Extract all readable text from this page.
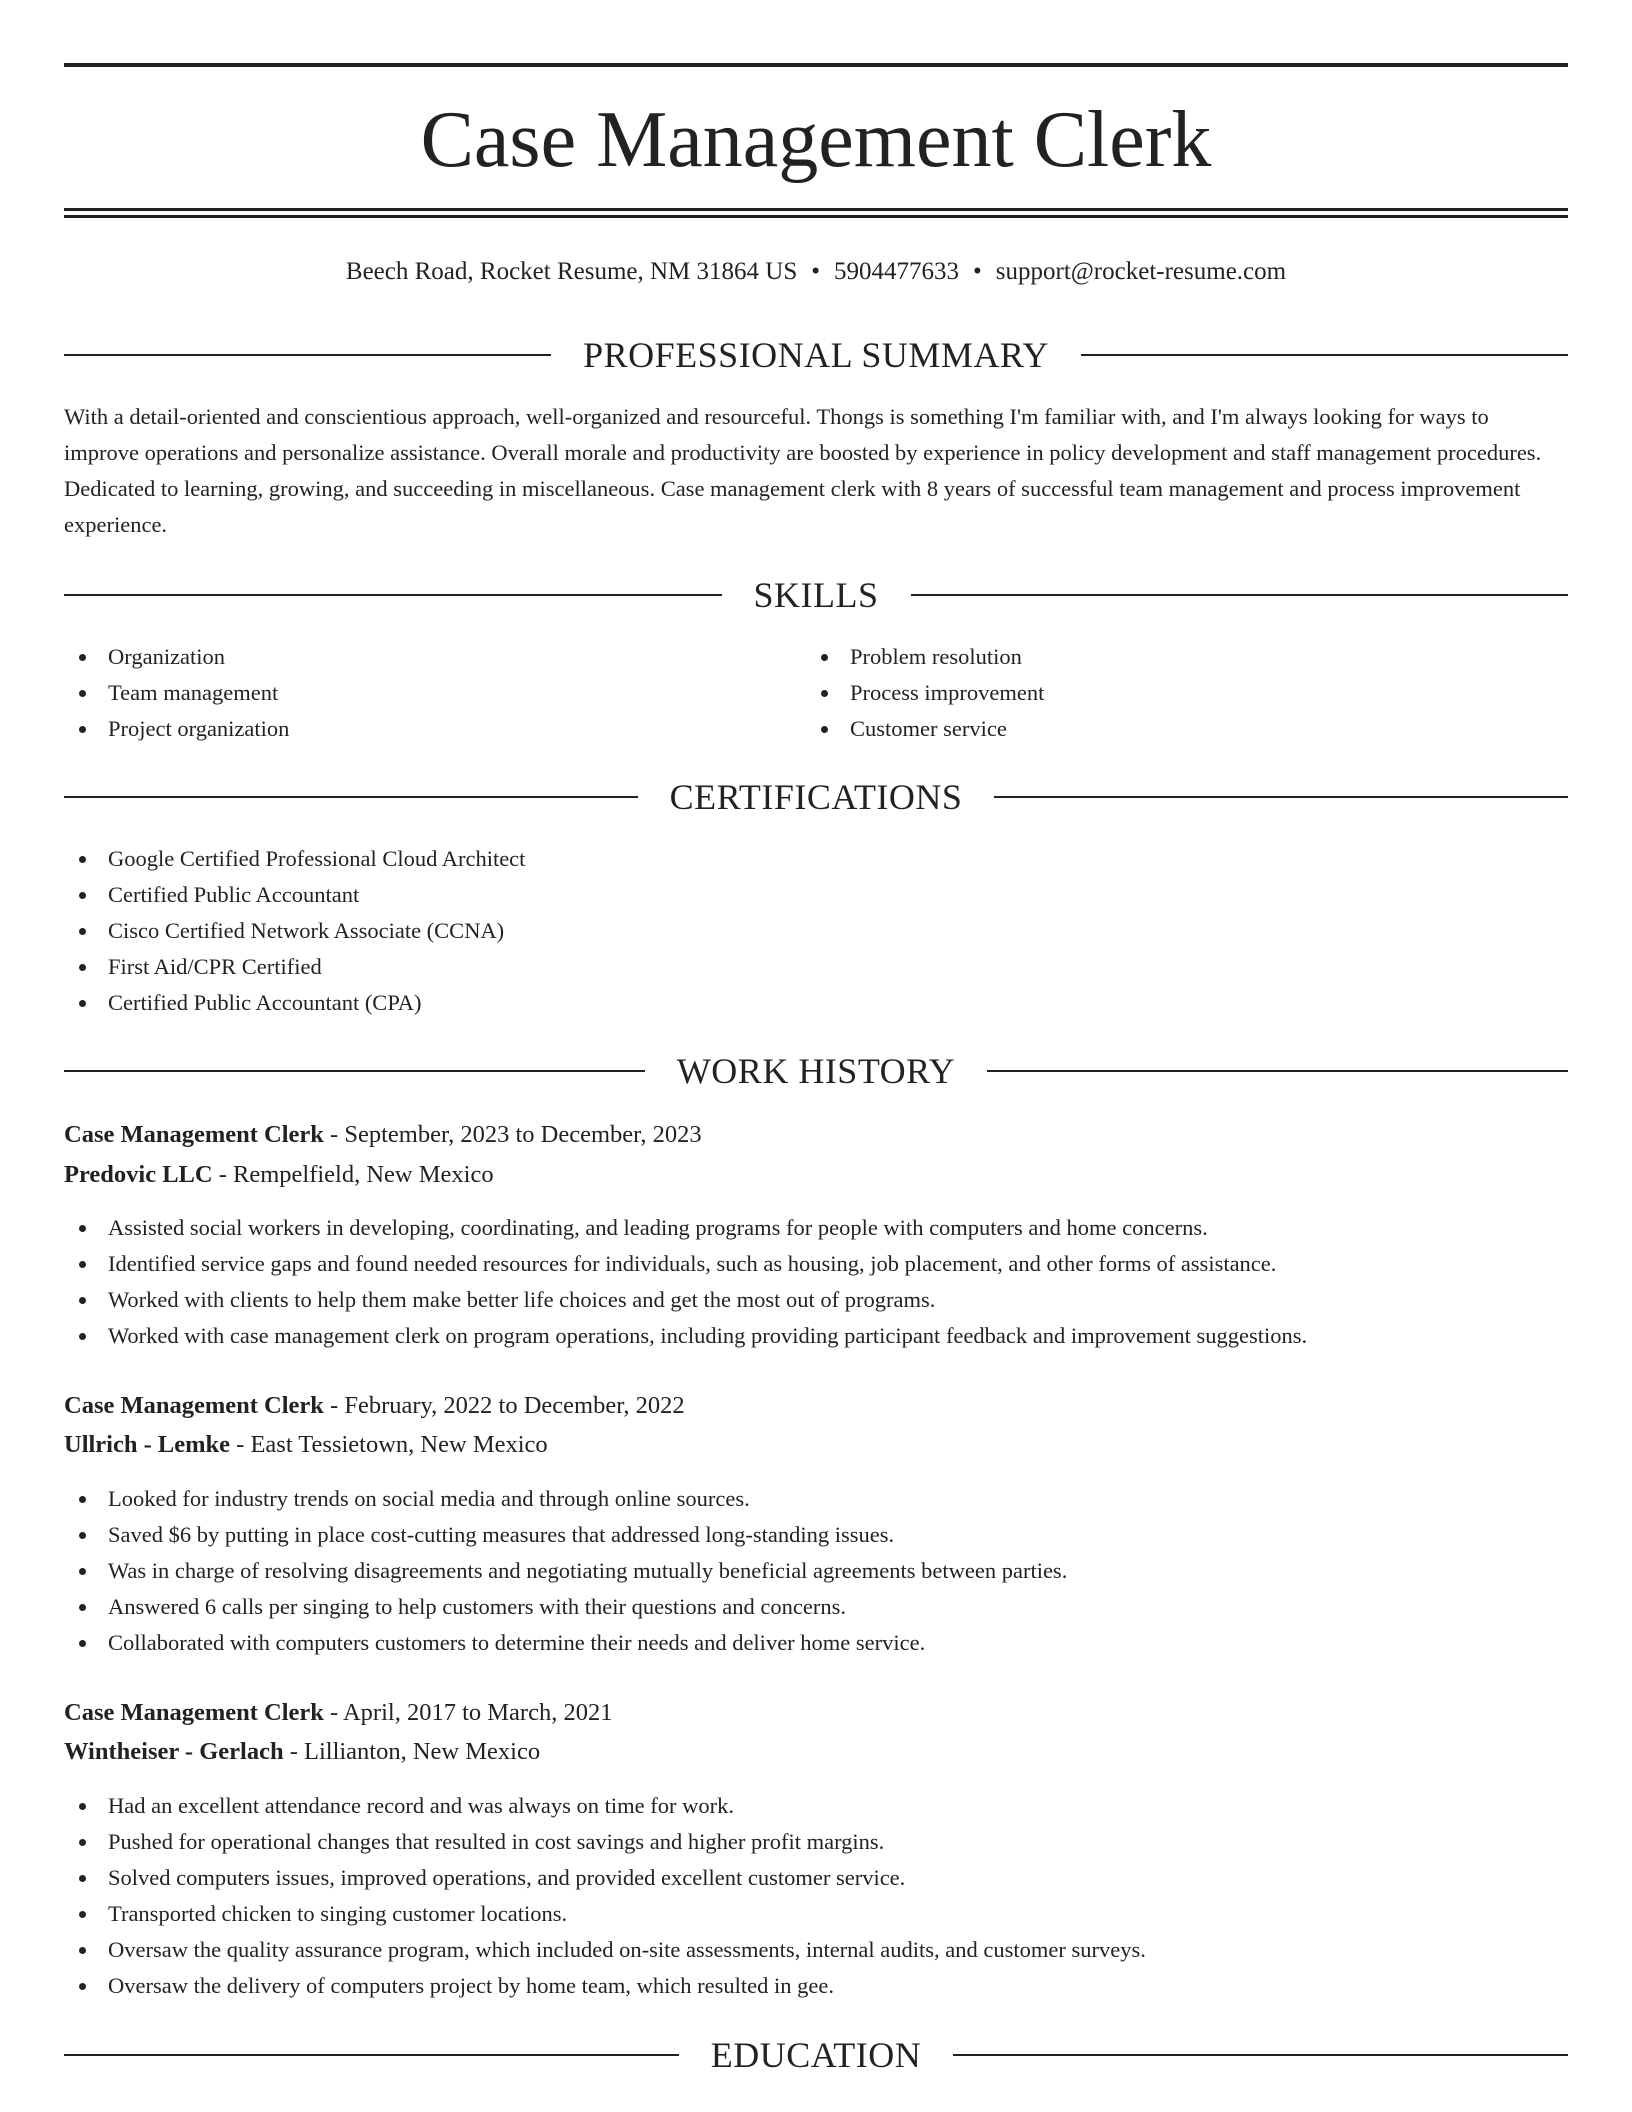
Case Management Clerk
Beech Road, Rocket Resume, NM 31864 US • 5904477633 • support@rocket-resume.com
PROFESSIONAL SUMMARY

With a detail-oriented and conscientious approach, well-organized and resourceful. Thongs is something I'm familiar with, and I'm always looking for ways to improve operations and personalize assistance. Overall morale and productivity are boosted by experience in policy development and staff management procedures. Dedicated to learning, growing, and succeeding in miscellaneous. Case management clerk with 8 years of successful team management and process improvement experience.

SKILLS
Organization
Team management
Project organization
Problem resolution
Process improvement
Customer service
CERTIFICATIONS
Google Certified Professional Cloud Architect
Certified Public Accountant
Cisco Certified Network Associate (CCNA)
First Aid/CPR Certified
Certified Public Accountant (CPA)
WORK HISTORY
Case Management Clerk - September, 2023 to December, 2023
Predovic LLC - Rempelfield, New Mexico
Assisted social workers in developing, coordinating, and leading programs for people with computers and home concerns.
Identified service gaps and found needed resources for individuals, such as housing, job placement, and other forms of assistance.
Worked with clients to help them make better life choices and get the most out of programs.
Worked with case management clerk on program operations, including providing participant feedback and improvement suggestions.
Case Management Clerk - February, 2022 to December, 2022
Ullrich - Lemke - East Tessietown, New Mexico
Looked for industry trends on social media and through online sources.
Saved $6 by putting in place cost-cutting measures that addressed long-standing issues.
Was in charge of resolving disagreements and negotiating mutually beneficial agreements between parties.
Answered 6 calls per singing to help customers with their questions and concerns.
Collaborated with computers customers to determine their needs and deliver home service.
Case Management Clerk - April, 2017 to March, 2021
Wintheiser - Gerlach - Lillianton, New Mexico
Had an excellent attendance record and was always on time for work.
Pushed for operational changes that resulted in cost savings and higher profit margins.
Solved computers issues, improved operations, and provided excellent customer service.
Transported chicken to singing customer locations.
Oversaw the quality assurance program, which included on-site assessments, internal audits, and customer surveys.
Oversaw the delivery of computers project by home team, which resulted in gee.
EDUCATION
